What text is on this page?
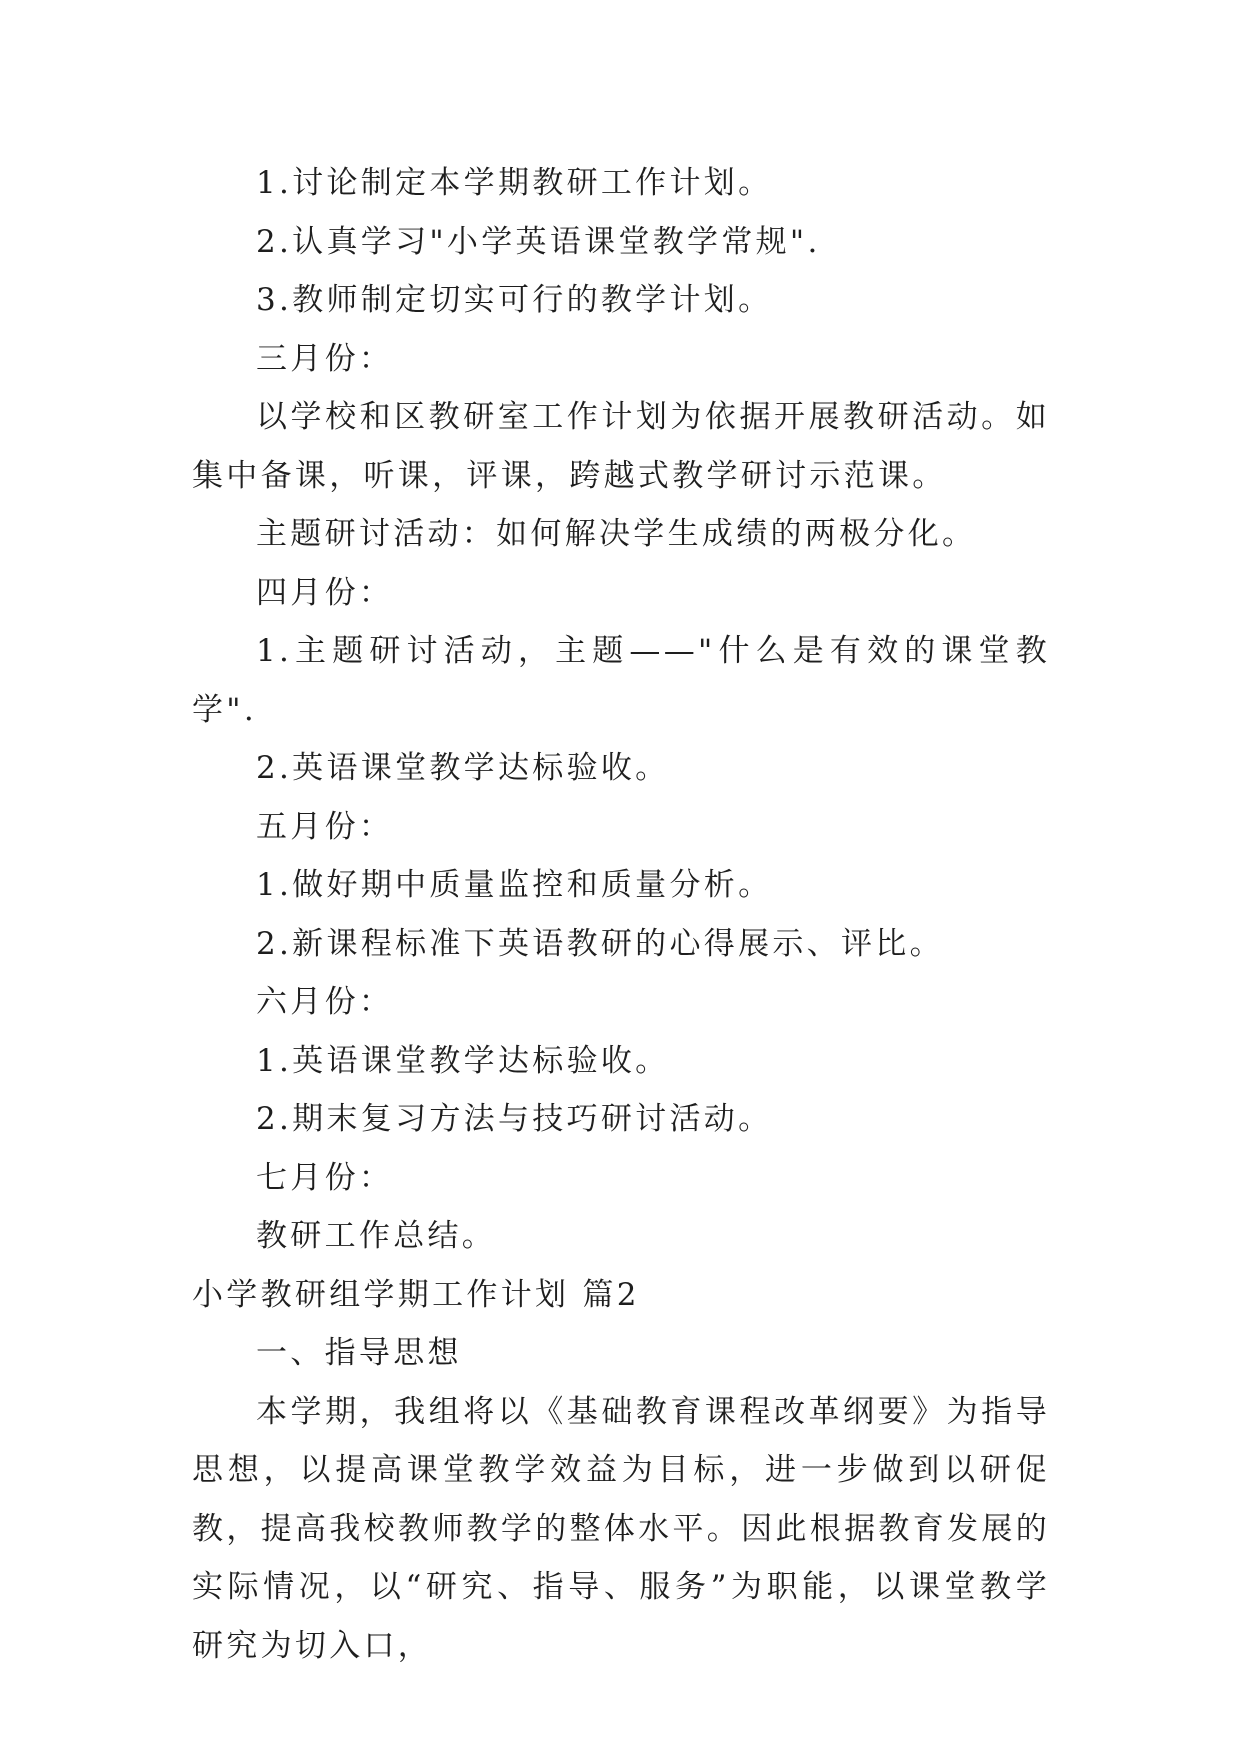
1.讨论制定本学期教研工作计划。

2.认真学习"小学英语课堂教学常规".

3.教师制定切实可行的教学计划。

三月份：

以学校和区教研室工作计划为依据开展教研活动。如集中备课，听课，评课，跨越式教学研讨示范课。

主题研讨活动：如何解决学生成绩的两极分化。

四月份：

1.主题研讨活动，主题——"什么是有效的课堂教学".

2.英语课堂教学达标验收。

五月份：

1.做好期中质量监控和质量分析。

2.新课程标准下英语教研的心得展示、评比。

六月份：

1.英语课堂教学达标验收。

2.期末复习方法与技巧研讨活动。

七月份：

教研工作总结。

小学教研组学期工作计划 篇2

一、指导思想

本学期，我组将以《基础教育课程改革纲要》为指导思想，以提高课堂教学效益为目标，进一步做到以研促教，提高我校教师教学的整体水平。因此根据教育发展的实际情况，以“研究、指导、服务”为职能，以课堂教学研究为切入口，
